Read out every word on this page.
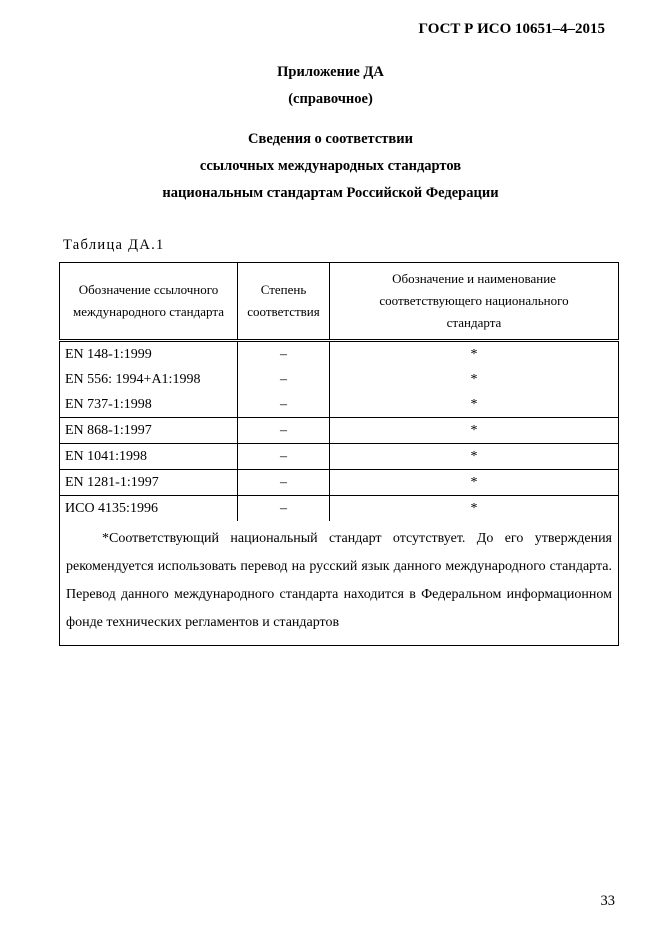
ГОСТ Р ИСО 10651–4–2015
Приложение ДА
(справочное)
Сведения о соответствии
ссылочных международных стандартов
национальным стандартам Российской Федерации
Таблица ДА.1
Обозначение ссылочного международного стандарта	Степень соответствия	Обозначение и наименование соответствующего национального стандарта
EN 148-1:1999	–	*
EN 556: 1994+A1:1998	–	*
EN 737-1:1998	–	*
EN 868-1:1997	–	*
EN 1041:1998	–	*
EN 1281-1:1997	–	*
ИСО 4135:1996	–	*
*Соответствующий национальный стандарт отсутствует. До его утверждения рекомендуется использовать перевод на русский язык данного международного стандарта. Перевод данного международного стандарта находится в Федеральном информационном фонде технических регламентов и стандартов		
33
